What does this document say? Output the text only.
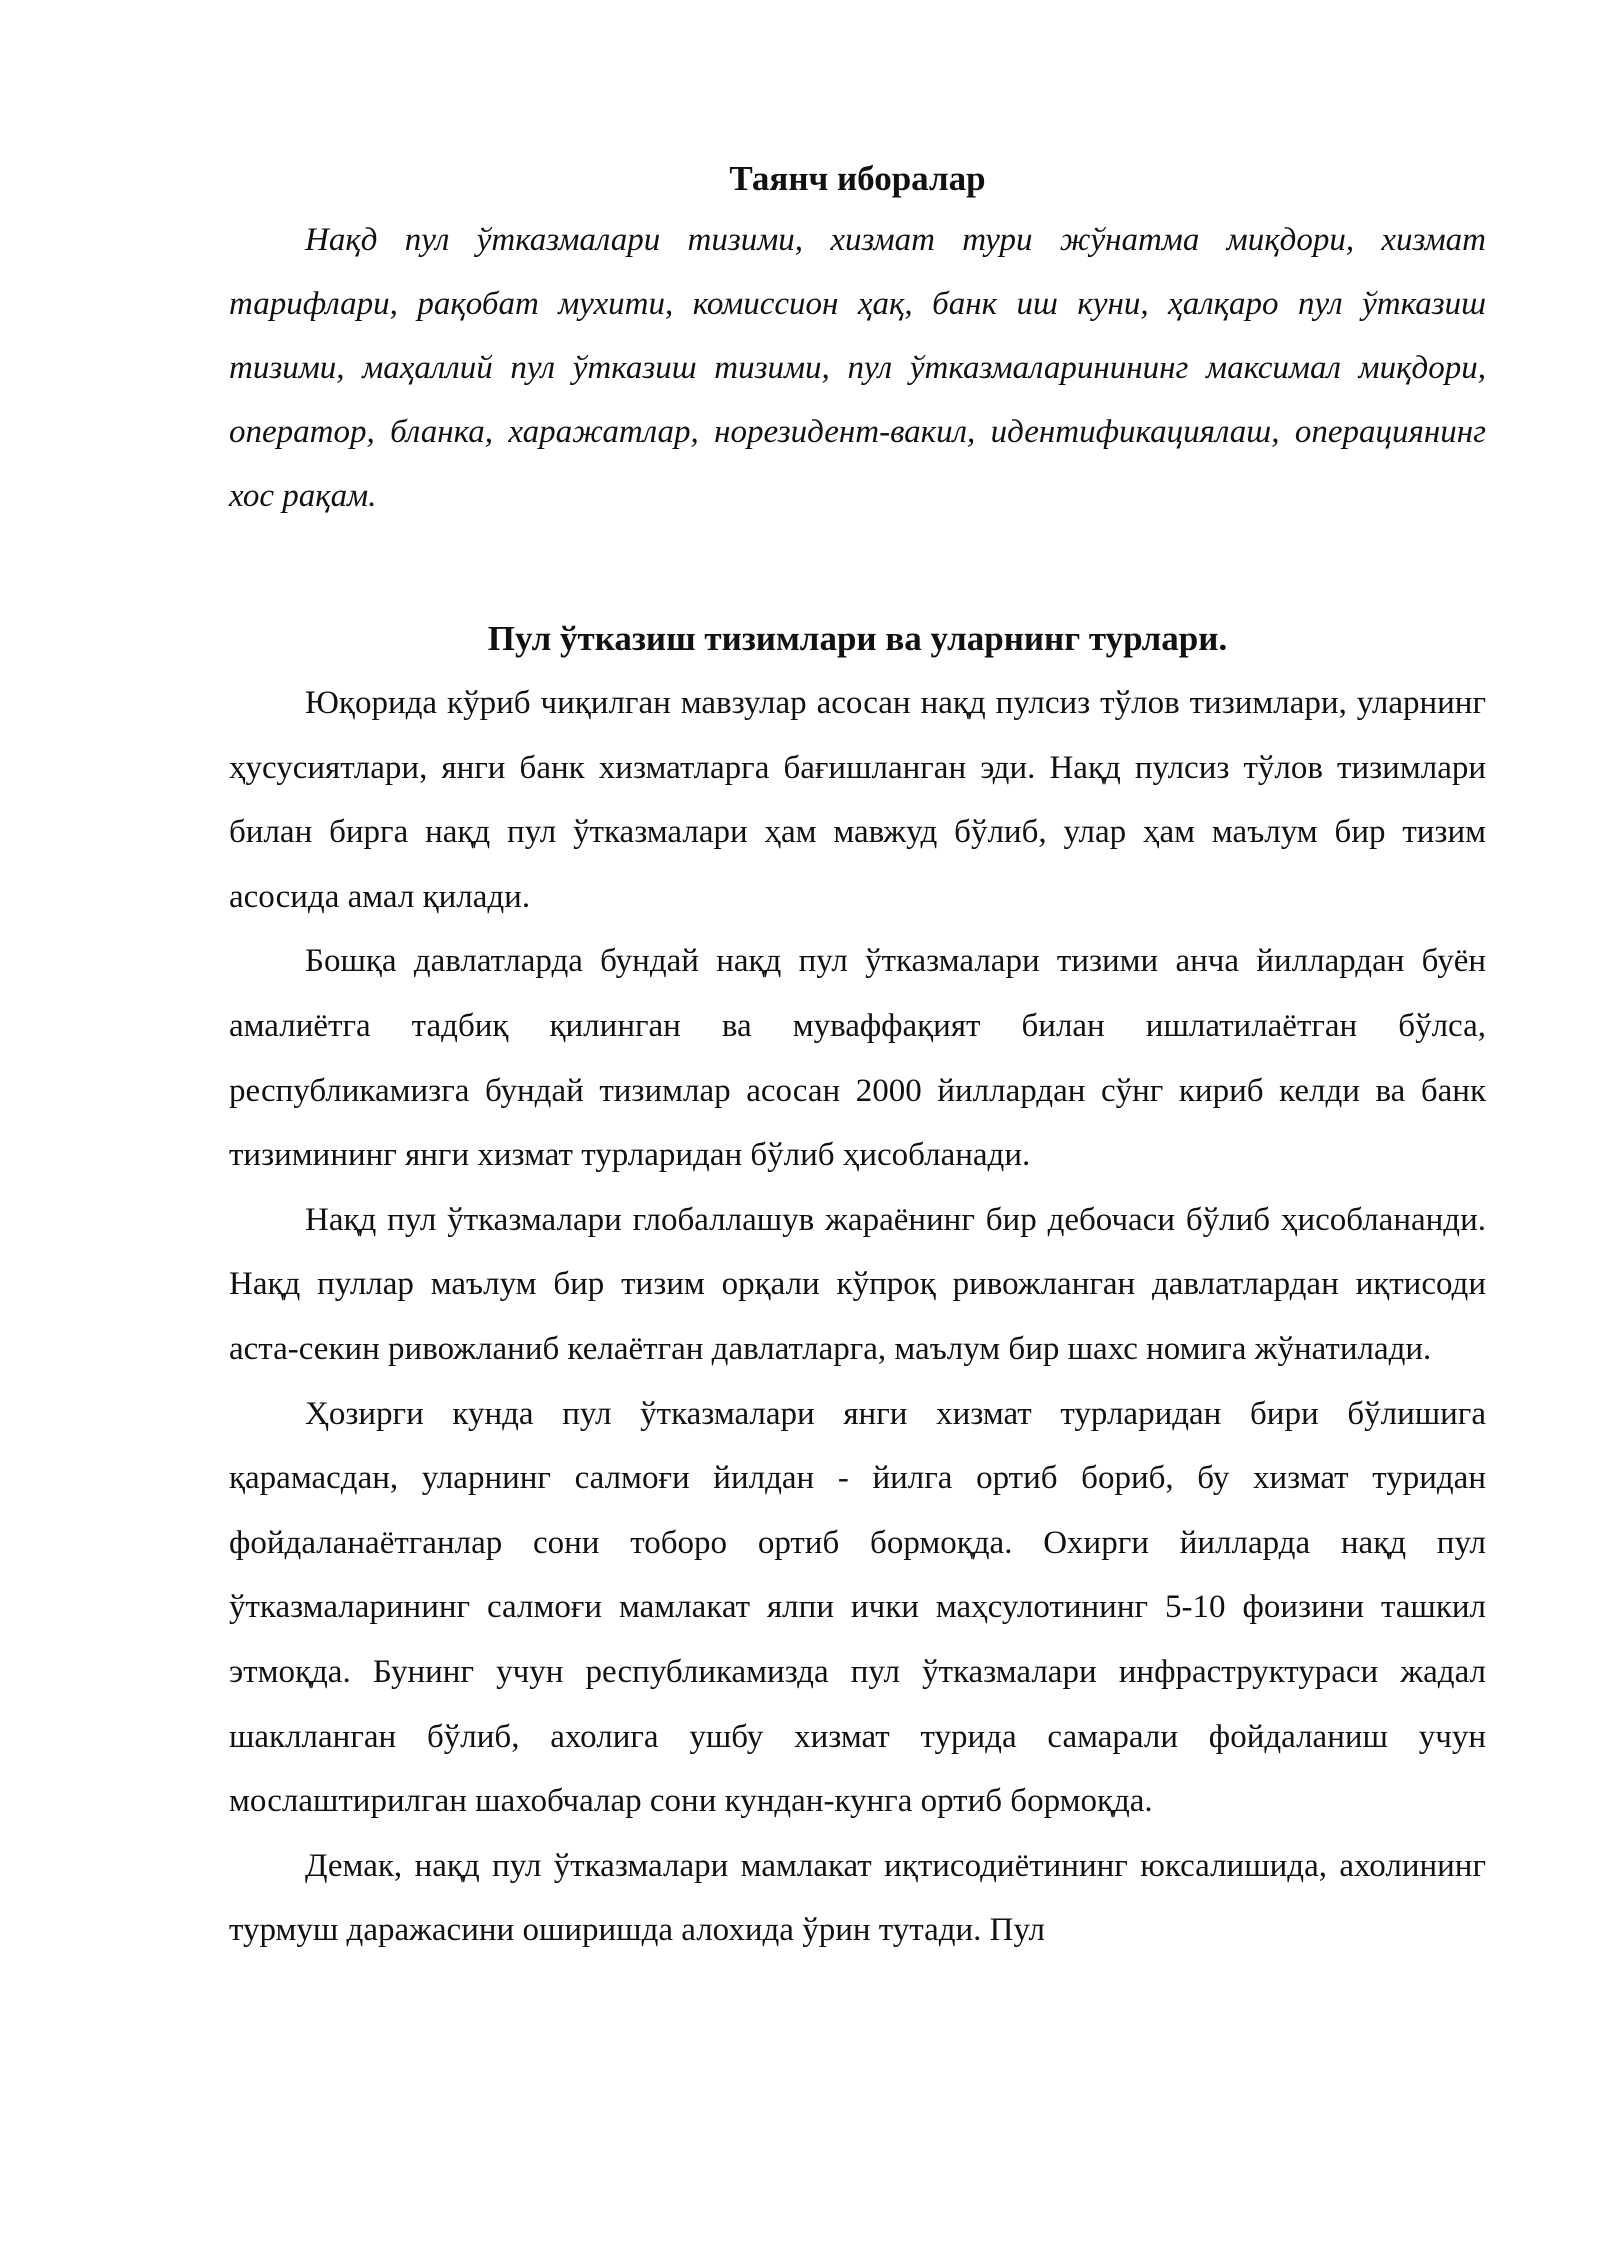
Таянч иборалар

Нақд пул ўтказмалари тизими, хизмат тури жўнатма миқдори, хизмат тарифлари, рақобат мухити, комиссион ҳақ, банк иш куни, ҳалқаро пул ўтказиш тизими, маҳаллий пул ўтказиш тизими, пул ўтказмаларинининг максимал миқдори, оператор, бланка, харажатлар, норезидент-вакил, идентификациялаш, операциянинг хос рақам.

Пул ўтказиш тизимлари ва уларнинг турлари.

Юқорида кўриб чиқилган мавзулар асосан нақд пулсиз тўлов тизимлари, уларнинг ҳусусиятлари, янги банк хизматларга бағишланган эди. Нақд пулсиз тўлов тизимлари билан бирга нақд пул ўтказмалари ҳам мавжуд бўлиб, улар ҳам маълум бир тизим асосида амал қилади.

Бошқа давлатларда бундай нақд пул ўтказмалари тизими анча йиллардан буён амалиётга тадбиқ қилинган ва муваффақият билан ишлатилаётган бўлса, республикамизга бундай тизимлар асосан 2000 йиллардан сўнг кириб келди ва банк тизимининг янги хизмат турларидан бўлиб ҳисобланади.

Нақд пул ўтказмалари глобаллашув жараёнинг бир дебочаси бўлиб ҳисоблананди. Нақд пуллар маълум бир тизим орқали кўпроқ ривожланган давлатлардан иқтисоди аста-секин ривожланиб келаётган давлатларга, маълум бир шахс номига жўнатилади.

Ҳозирги кунда пул ўтказмалари янги хизмат турларидан бири бўлишига қарамасдан, уларнинг салмоғи йилдан - йилга ортиб бориб, бу хизмат туридан фойдаланаётганлар сони тоборо ортиб бормоқда. Охирги йилларда нақд пул ўтказмаларининг салмоғи мамлакат ялпи ички маҳсулотининг 5-10 фоизини ташкил этмоқда. Бунинг учун республикамизда пул ўтказмалари инфраструктураси жадал шаклланган бўлиб, ахолига ушбу хизмат турида самарали фойдаланиш учун мослаштирилган шахобчалар сони кундан-кунга ортиб бормоқда.

Демак, нақд пул ўтказмалари мамлакат иқтисодиётининг юксалишида, ахолининг турмуш даражасини оширишда алохида ўрин тутади. Пул
